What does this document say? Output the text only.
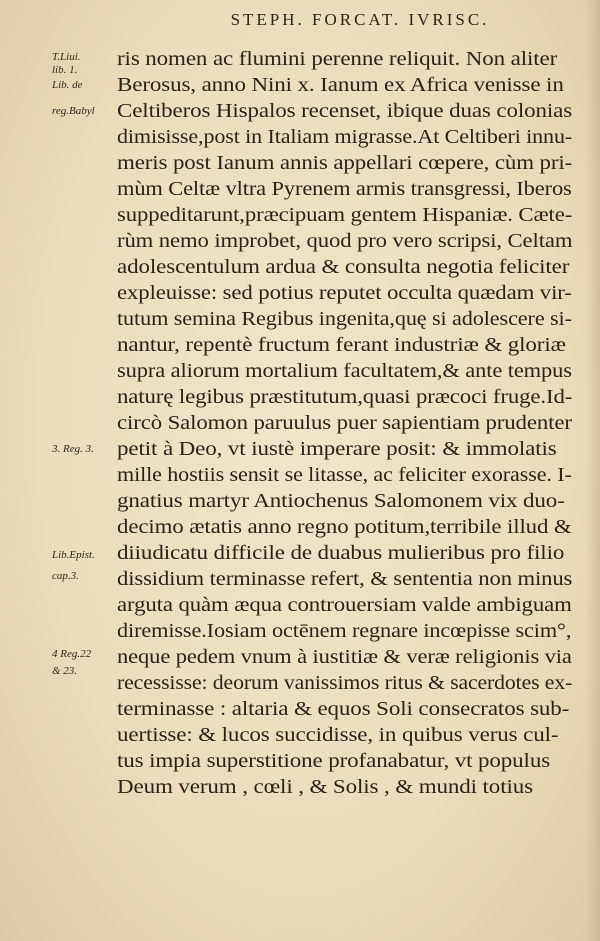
STEPH. FORCAT. IVRISC.
ris nomen ac flumini perenne reliquit. Non aliter
Berosus, anno Nini x. Ianum ex Africa venisse in
Celtiberos Hispalos recenset, ibique duas colonias
dimisisse,post in Italiam migrasse.At Celtiberi innu-
meris post Ianum annis appellari cœpere, cùm pri-
mùm Celtæ vltra Pyrenem armis transgressi, Iberos
suppeditarunt,præcipuam gentem Hispaniæ. Cæte-
rùm nemo improbet, quod pro vero scripsi, Celtam
adolescentulum ardua & consulta negotia feliciter
expleuisse: sed potius reputet occulta quædam vir-
tutum semina Regibus ingenita,quę si adolescere si-
nantur, repentè fructum ferant industriæ & gloriæ
supra aliorum mortalium facultatem,& ante tempus
naturę legibus præstitutum,quasi præcoci fruge.Id-
circò Salomon paruulus puer sapientiam prudenter
petit à Deo, vt iustè imperare posit: & immolatis
mille hostiis sensit se litasse, ac feliciter exorasse. I-
gnatius martyr Antiochenus Salomonem vix duo-
decimo ætatis anno regno potitum,terribile illud &
diiudicatu difficile de duabus mulieribus pro filio
dissidium terminasse refert, & sententia non minus
arguta quàm æqua controuersiam valde ambiguam
diremisse.Iosiam octēnem regnare incœpisse scim°,
neque pedem vnum à iustitiæ & veræ religionis via
recessisse: deorum vanissimos ritus & sacerdotes ex-
terminasse : altaria & equos Soli consecratos sub-
uertisse: & lucos succidisse, in quibus verus cul-
tus impia superstitione profanabatur, vt populus
Deum verum , cœli , & Solis , & mundi totius
T.Liui.
lib. 1.
Lib. de
reg.Babyl
3. Reg. 3.
Lib.Epist.
cap.3.
4 Reg.22
& 23.
